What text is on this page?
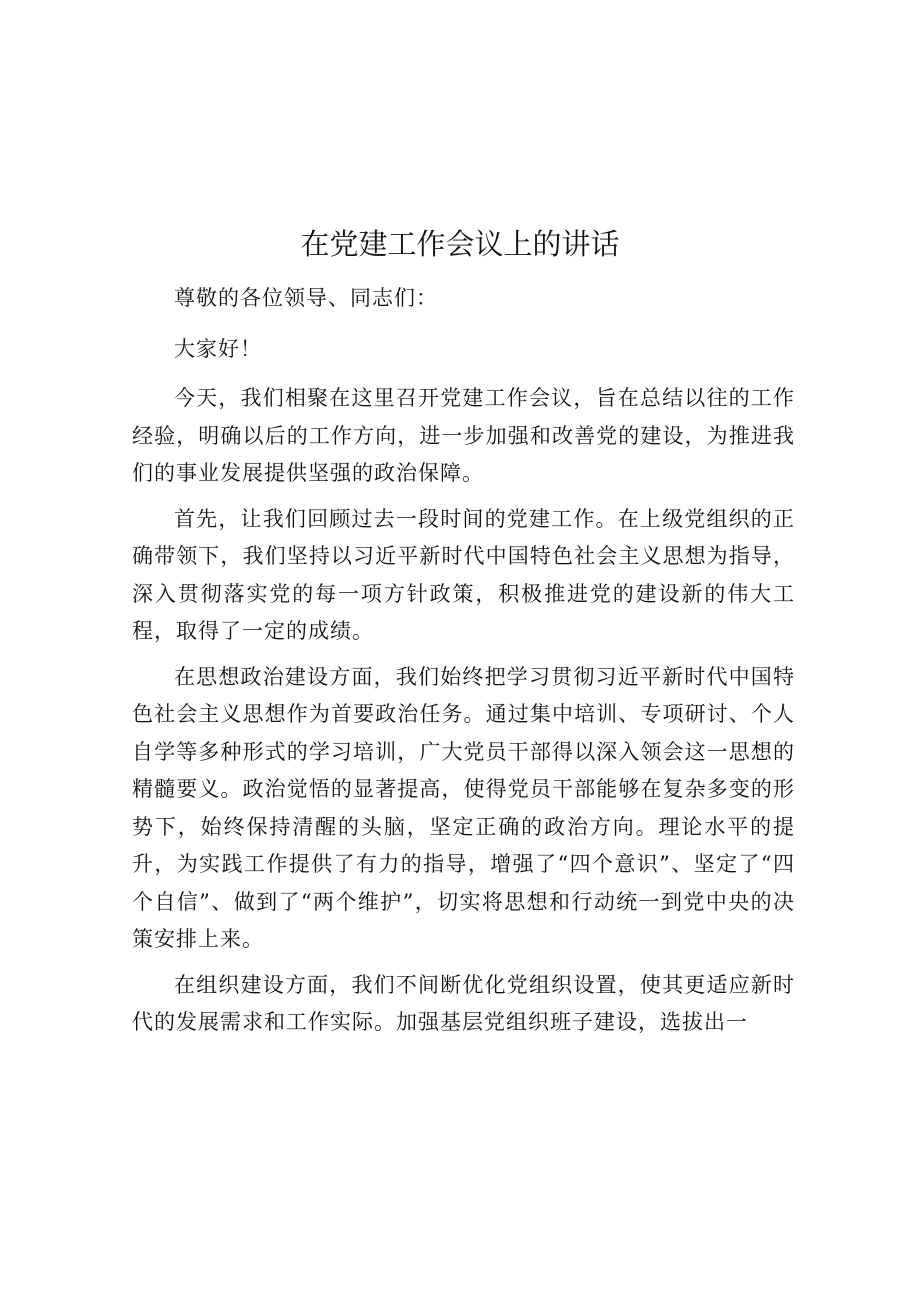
在党建工作会议上的讲话

尊敬的各位领导、同志们：

大家好！

今天，我们相聚在这里召开党建工作会议，旨在总结以往的工作经验，明确以后的工作方向，进一步加强和改善党的建设，为推进我们的事业发展提供坚强的政治保障。

首先，让我们回顾过去一段时间的党建工作。在上级党组织的正确带领下，我们坚持以习近平新时代中国特色社会主义思想为指导，深入贯彻落实党的每一项方针政策，积极推进党的建设新的伟大工程，取得了一定的成绩。

在思想政治建设方面，我们始终把学习贯彻习近平新时代中国特色社会主义思想作为首要政治任务。通过集中培训、专项研讨、个人自学等多种形式的学习培训，广大党员干部得以深入领会这一思想的精髓要义。政治觉悟的显著提高，使得党员干部能够在复杂多变的形势下，始终保持清醒的头脑，坚定正确的政治方向。理论水平的提升，为实践工作提供了有力的指导，增强了“四个意识”、坚定了“四个自信”、做到了“两个维护”，切实将思想和行动统一到党中央的决策安排上来。

在组织建设方面，我们不间断优化党组织设置，使其更适应新时代的发展需求和工作实际。加强基层党组织班子建设，选拔出一
